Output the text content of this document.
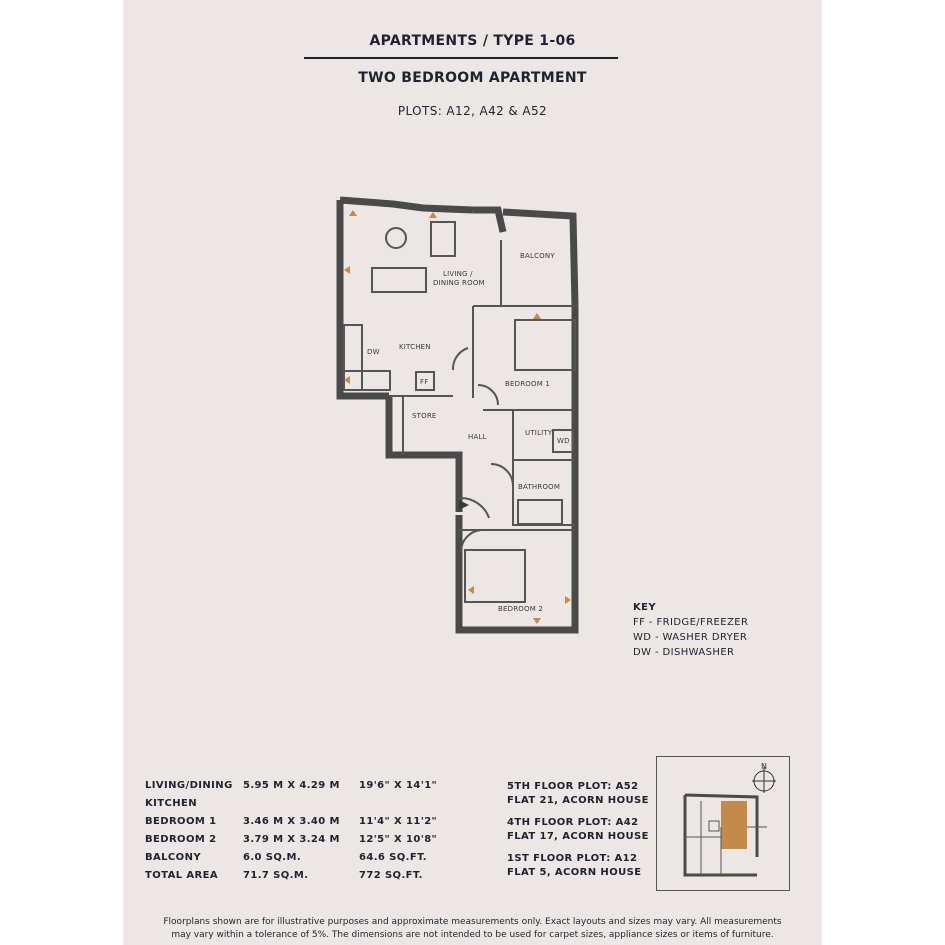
APARTMENTS / TYPE 1-06
TWO BEDROOM APARTMENT
PLOTS: A12, A42 & A52
LIVING /
DINING ROOM
BALCONY
KITCHEN
DW
FF	BEDROOM 1
STORE
HALL	UTILITY
WD
BATHROOM
BEDROOM 2	KEY
FF - FRIDGE/FREEZER
WD - WASHER DRYER
DW - DISHWASHER
LIVING/DINING 5.95 M X 4.29 M 19'6" X 14'1"
KITCHEN
BEDROOM 1	3.46 M X 3.40 M 11'4" X 11'2"
BEDROOM 2	3.79 M X 3.24 M 12'5" X 10'8"
BALCONY	6.0 SQ.M.	64.6 SQ.FT.
TOTAL AREA	71.7 SQ.M.	772 SQ.FT.
5TH FLOOR PLOT: A52
FLAT 21, ACORN HOUSE
4TH FLOOR PLOT: A42
FLAT 17, ACORN HOUSE
1ST FLOOR PLOT: A12
FLAT 5, ACORN HOUSE
N
Floorplans shown are for illustrative purposes and approximate measurements only. Exact layouts and sizes may vary. All measurements
may vary within a tolerance of 5%. The dimensions are not intended to be used for carpet sizes, appliance sizes or items of furniture.
